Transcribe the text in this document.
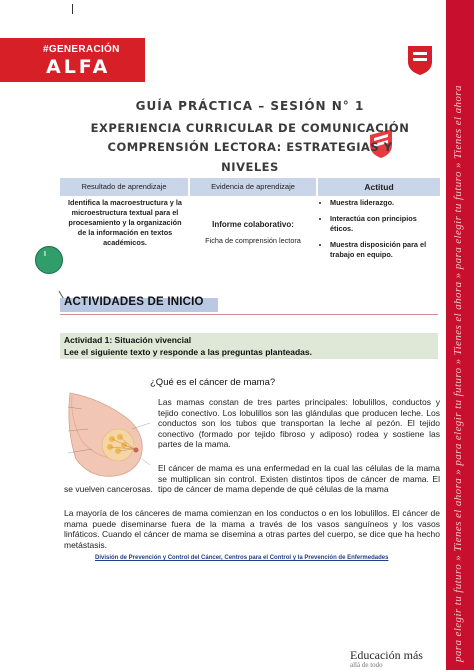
#GENERACIÓN
ALFA
para elegir tu futuro » Tienes el ahora » para elegir tu futuro » Tienes el ahora » para elegir tu futuro » Tienes el ahora
GUÍA PRÁCTICA – SESIÓN N° 1
EXPERIENCIA CURRICULAR DE COMUNICACIÓN
COMPRENSIÓN LECTORA: ESTRATEGIAS Y
NIVELES
Resultado de aprendizaje	Evidencia de aprendizaje	Actitud
Identifica la macroestructura y la microestructura textual para el procesamiento y la organización de la información en textos académicos.
Informe colaborativo:
Ficha de comprensión lectora
• Muestra liderazgo.
• Interactúa con principios éticos.
• Muestra disposición para el trabajo en equipo.
I
ACTIVIDADES DE INICIO
Actividad 1: Situación vivencial
Lee el siguiente texto y responde a las preguntas planteadas.
¿Qué es el cáncer de mama?
Las mamas constan de tres partes principales: lobulillos, conductos y tejido conectivo. Los lobulillos son las glándulas que producen leche. Los conductos son los tubos que transportan la leche al pezón. El tejido conectivo (formado por tejido fibroso y adiposo) rodea y sostiene las partes de la mama.
El cáncer de mama es una enfermedad en la cual las células de la mama se multiplican sin control. Existen distintos tipos de cáncer de mama. El tipo de cáncer de mama depende de qué células de la mama
se vuelven cancerosas.
La mayoría de los cánceres de mama comienzan en los conductos o en los lobulillos. El cáncer de mama puede diseminarse fuera de la mama a través de los vasos sanguíneos y los vasos linfáticos. Cuando el cáncer de mama se disemina a otras partes del cuerpo, se dice que ha hecho metástasis.
División de Prevención y Control del Cáncer, Centros para el Control y la Prevención de Enfermedades
Educación más
allá de todo
